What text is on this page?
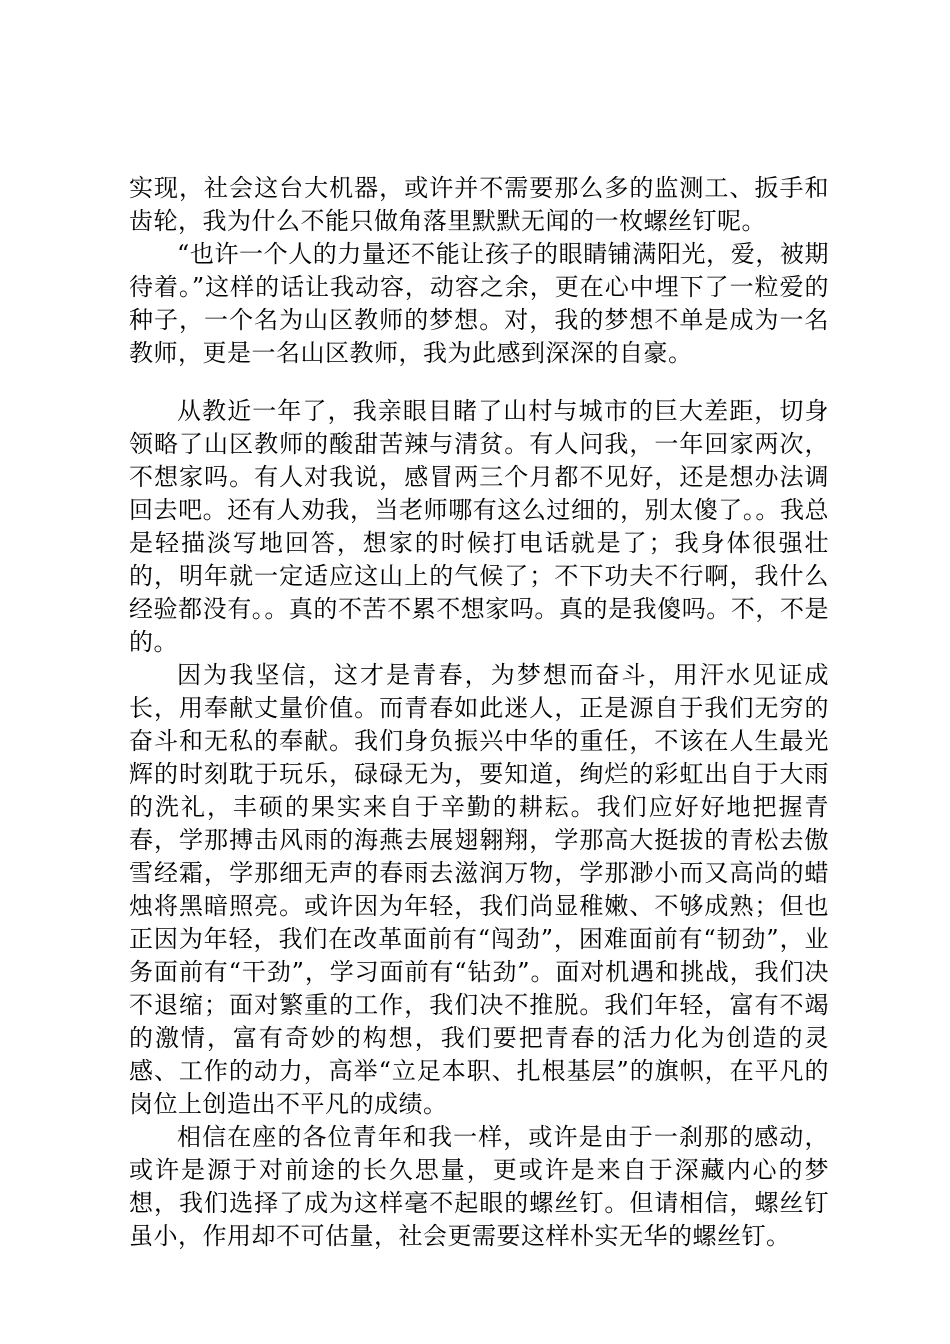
实现，社会这台大机器，或许并不需要那么多的监测工、扳手和齿轮，我为什么不能只做角落里默默无闻的一枚螺丝钉呢。

“也许一个人的力量还不能让孩子的眼睛铺满阳光，爱，被期待着。”这样的话让我动容，动容之余，更在心中埋下了一粒爱的种子，一个名为山区教师的梦想。对，我的梦想不单是成为一名教师，更是一名山区教师，我为此感到深深的自豪。

从教近一年了，我亲眼目睹了山村与城市的巨大差距，切身领略了山区教师的酸甜苦辣与清贫。有人问我，一年回家两次，不想家吗。有人对我说，感冒两三个月都不见好，还是想办法调回去吧。还有人劝我，当老师哪有这么过细的，别太傻了。。我总是轻描淡写地回答，想家的时候打电话就是了；我身体很强壮的，明年就一定适应这山上的气候了；不下功夫不行啊，我什么经验都没有。。真的不苦不累不想家吗。真的是我傻吗。不，不是的。

因为我坚信，这才是青春，为梦想而奋斗，用汗水见证成长，用奉献丈量价值。而青春如此迷人，正是源自于我们无穷的奋斗和无私的奉献。我们身负振兴中华的重任，不该在人生最光辉的时刻耽于玩乐，碌碌无为，要知道，绚烂的彩虹出自于大雨的洗礼，丰硕的果实来自于辛勤的耕耘。我们应好好地把握青春，学那搏击风雨的海燕去展翅翱翔，学那高大挺拔的青松去傲雪经霜，学那细无声的春雨去滋润万物，学那渺小而又高尚的蜡烛将黑暗照亮。或许因为年轻，我们尚显稚嫩、不够成熟；但也正因为年轻，我们在改革面前有“闯劲”，困难面前有“韧劲”，业务面前有“干劲”，学习面前有“钻劲”。面对机遇和挑战，我们决不退缩；面对繁重的工作，我们决不推脱。我们年轻，富有不竭的激情，富有奇妙的构想，我们要把青春的活力化为创造的灵感、工作的动力，高举“立足本职、扎根基层”的旗帜，在平凡的岗位上创造出不平凡的成绩。

相信在座的各位青年和我一样，或许是由于一刹那的感动，或许是源于对前途的长久思量，更或许是来自于深藏内心的梦想，我们选择了成为这样毫不起眼的螺丝钉。但请相信，螺丝钉虽小，作用却不可估量，社会更需要这样朴实无华的螺丝钉。
